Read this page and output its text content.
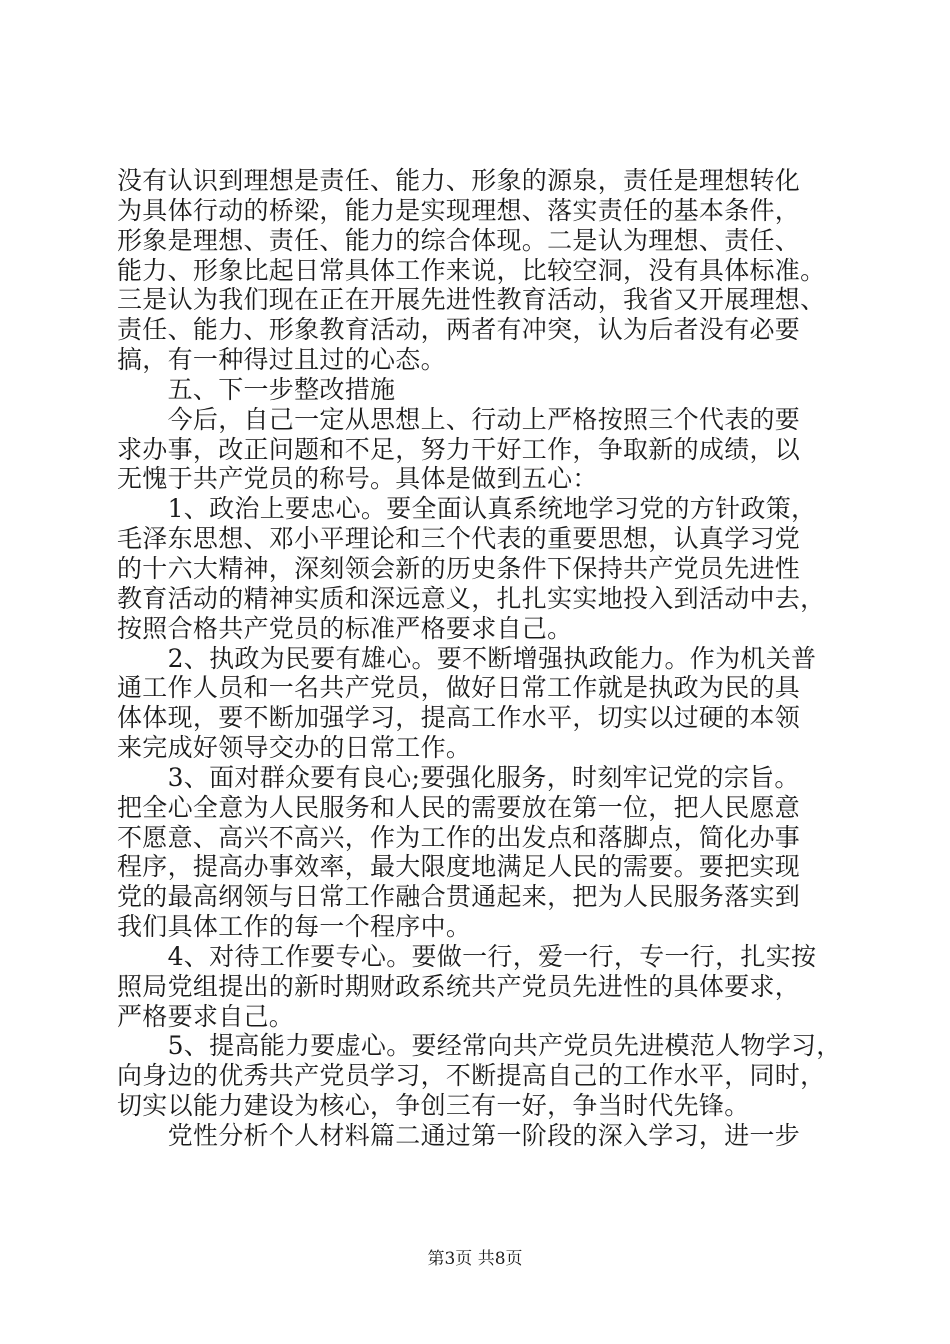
没有认识到理想是责任、能力、形象的源泉，责任是理想转化
为具体行动的桥梁，能力是实现理想、落实责任的基本条件，
形象是理想、责任、能力的综合体现。二是认为理想、责任、
能力、形象比起日常具体工作来说，比较空洞，没有具体标准。
三是认为我们现在正在开展先进性教育活动，我省又开展理想、
责任、能力、形象教育活动，两者有冲突，认为后者没有必要
搞，有一种得过且过的心态。
　　五、下一步整改措施
　　今后，自己一定从思想上、行动上严格按照三个代表的要
求办事，改正问题和不足，努力干好工作，争取新的成绩，以
无愧于共产党员的称号。具体是做到五心：
　　1、政治上要忠心。要全面认真系统地学习党的方针政策，
毛泽东思想、邓小平理论和三个代表的重要思想，认真学习党
的十六大精神，深刻领会新的历史条件下保持共产党员先进性
教育活动的精神实质和深远意义，扎扎实实地投入到活动中去，
按照合格共产党员的标准严格要求自己。
　　2、执政为民要有雄心。要不断增强执政能力。作为机关普
通工作人员和一名共产党员，做好日常工作就是执政为民的具
体体现，要不断加强学习，提高工作水平，切实以过硬的本领
来完成好领导交办的日常工作。
　　3、面对群众要有良心;要强化服务，时刻牢记党的宗旨。
把全心全意为人民服务和人民的需要放在第一位，把人民愿意
不愿意、高兴不高兴，作为工作的出发点和落脚点，简化办事
程序，提高办事效率，最大限度地满足人民的需要。要把实现
党的最高纲领与日常工作融合贯通起来，把为人民服务落实到
我们具体工作的每一个程序中。
　　4、对待工作要专心。要做一行，爱一行，专一行，扎实按
照局党组提出的新时期财政系统共产党员先进性的具体要求，
严格要求自己。
　　5、提高能力要虚心。要经常向共产党员先进模范人物学习，
向身边的优秀共产党员学习，不断提高自己的工作水平，同时，
切实以能力建设为核心，争创三有一好，争当时代先锋。
　　党性分析个人材料篇二通过第一阶段的深入学习，进一步
第3页 共8页
